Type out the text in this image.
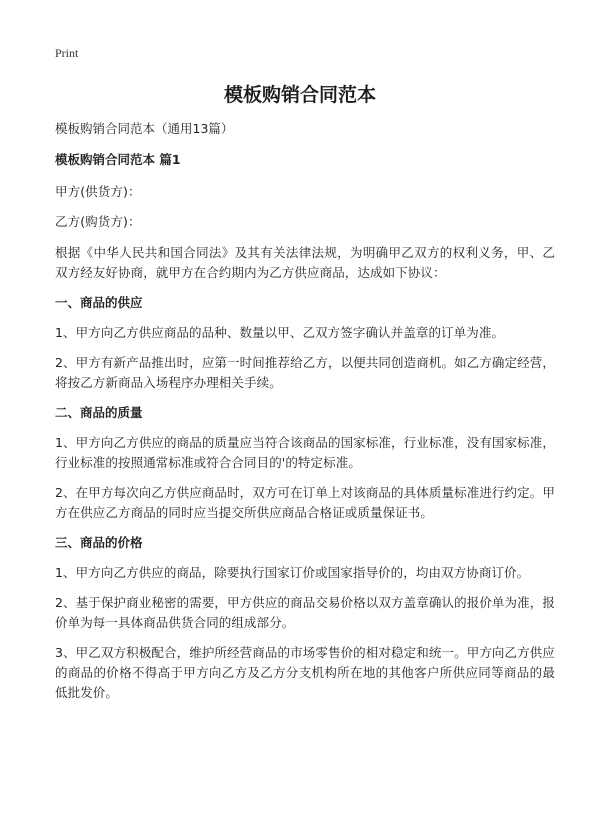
Print
模板购销合同范本

模板购销合同范本（通用13篇）

模板购销合同范本 篇1

甲方(供货方)：

乙方(购货方)：

根据《中华人民共和国合同法》及其有关法律法规，为明确甲乙双方的权利义务，甲、乙双方经友好协商，就甲方在合约期内为乙方供应商品，达成如下协议：

一、商品的供应

1、甲方向乙方供应商品的品种、数量以甲、乙双方签字确认并盖章的订单为准。

2、甲方有新产品推出时，应第一时间推荐给乙方，以便共同创造商机。如乙方确定经营，将按乙方新商品入场程序办理相关手续。

二、商品的质量

1、甲方向乙方供应的商品的质量应当符合该商品的国家标准，行业标准，没有国家标准，行业标准的按照通常标准或符合合同目的'的特定标准。

2、在甲方每次向乙方供应商品时，双方可在订单上对该商品的具体质量标准进行约定。甲方在供应乙方商品的同时应当提交所供应商品合格证或质量保证书。

三、商品的价格

1、甲方向乙方供应的商品，除要执行国家订价或国家指导价的，均由双方协商订价。

2、基于保护商业秘密的需要，甲方供应的商品交易价格以双方盖章确认的报价单为准，报价单为每一具体商品供货合同的组成部分。

3、甲乙双方积极配合，维护所经营商品的市场零售价的相对稳定和统一。甲方向乙方供应的商品的价格不得高于甲方向乙方及乙方分支机构所在地的其他客户所供应同等商品的最低批发价。
